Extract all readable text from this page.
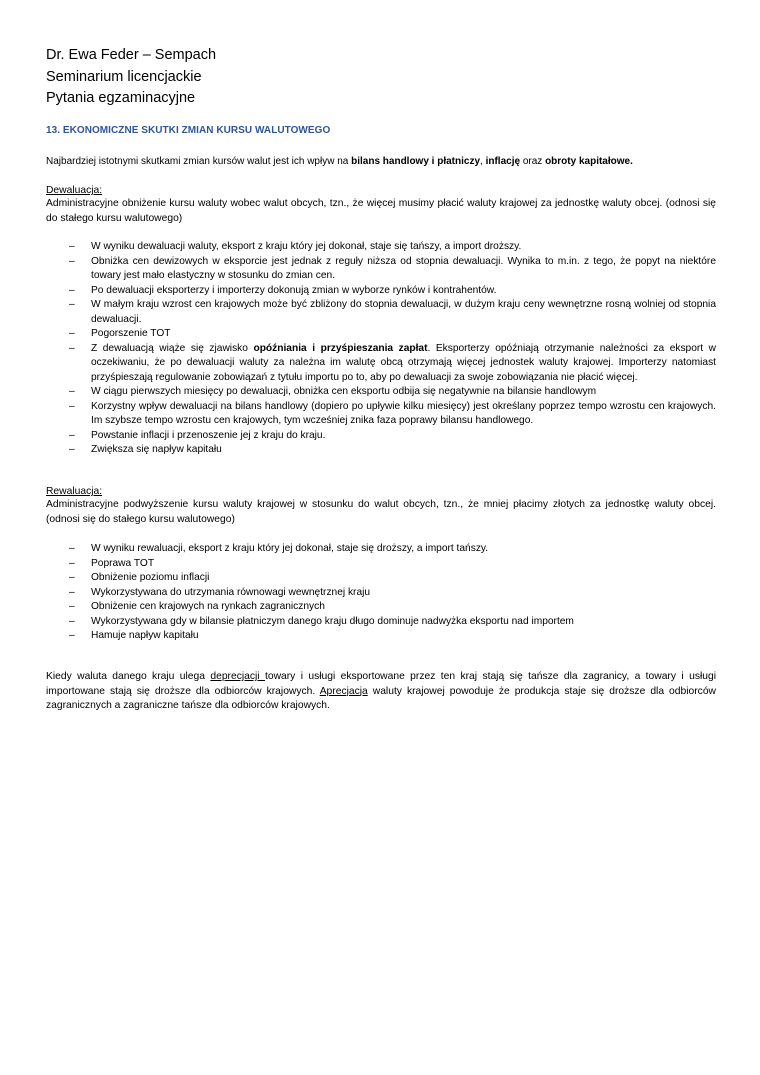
Dr. Ewa Feder – Sempach
Seminarium licencjackie
Pytania egzaminacyjne
13. EKONOMICZNE SKUTKI ZMIAN KURSU WALUTOWEGO
Najbardziej istotnymi skutkami zmian kursów walut jest ich wpływ na bilans handlowy i płatniczy, inflację oraz obroty kapitałowe.
Dewaluacja:
Administracyjne obniżenie kursu waluty wobec walut obcych, tzn., że więcej musimy płacić waluty krajowej za jednostkę waluty obcej. (odnosi się do stałego kursu walutowego)
– W wyniku dewaluacji waluty, eksport z kraju który jej dokonał, staje się tańszy, a import droższy.
– Obniżka cen dewizowych w eksporcie jest jednak z reguły niższa od stopnia dewaluacji. Wynika to m.in. z tego, że popyt na niektóre towary jest mało elastyczny w stosunku do zmian cen.
– Po dewaluacji eksporterzy i importerzy dokonują zmian w wyborze rynków i kontrahentów.
– W małym kraju wzrost cen krajowych może być zbliżony do stopnia dewaluacji, w dużym kraju ceny wewnętrzne rosną wolniej od stopnia dewaluacji.
– Pogorszenie TOT
– Z dewaluacją wiąże się zjawisko opóźniania i przyśpieszania zapłat. Eksporterzy opóźniają otrzymanie należności za eksport w oczekiwaniu, że po dewaluacji waluty za należna im walutę obcą otrzymają więcej jednostek waluty krajowej. Importerzy natomiast przyśpieszają regulowanie zobowiązań z tytułu importu po to, aby po dewaluacji za swoje zobowiązania nie płacić więcej.
– W ciągu pierwszych miesięcy po dewaluacji, obniżka cen eksportu odbija się negatywnie na bilansie handlowym
– Korzystny wpływ dewaluacji na bilans handlowy (dopiero po upływie kilku miesięcy) jest określany poprzez tempo wzrostu cen krajowych. Im szybsze tempo wzrostu cen krajowych, tym wcześniej znika faza poprawy bilansu handlowego.
– Powstanie inflacji i przenoszenie jej z kraju do kraju.
– Zwiększa się napływ kapitału
Rewaluacja:
Administracyjne podwyższenie kursu waluty krajowej w stosunku do walut obcych, tzn., że mniej płacimy złotych za jednostkę waluty obcej. (odnosi się do stałego kursu walutowego)
– W wyniku rewaluacji, eksport z kraju który jej dokonał, staje się droższy, a import tańszy.
– Poprawa TOT
– Obniżenie poziomu inflacji
– Wykorzystywana do utrzymania równowagi wewnętrznej kraju
– Obniżenie cen krajowych na rynkach zagranicznych
– Wykorzystywana gdy w bilansie płatniczym danego kraju długo dominuje nadwyżka eksportu nad importem
– Hamuje napływ kapitału
Kiedy waluta danego kraju ulega deprecjacji towary i usługi eksportowane przez ten kraj stają się tańsze dla zagranicy, a towary i usługi importowane stają się droższe dla odbiorców krajowych. Aprecjacja waluty krajowej powoduje że produkcja staje się droższe dla odbiorców zagranicznych a zagraniczne tańsze dla odbiorców krajowych.
